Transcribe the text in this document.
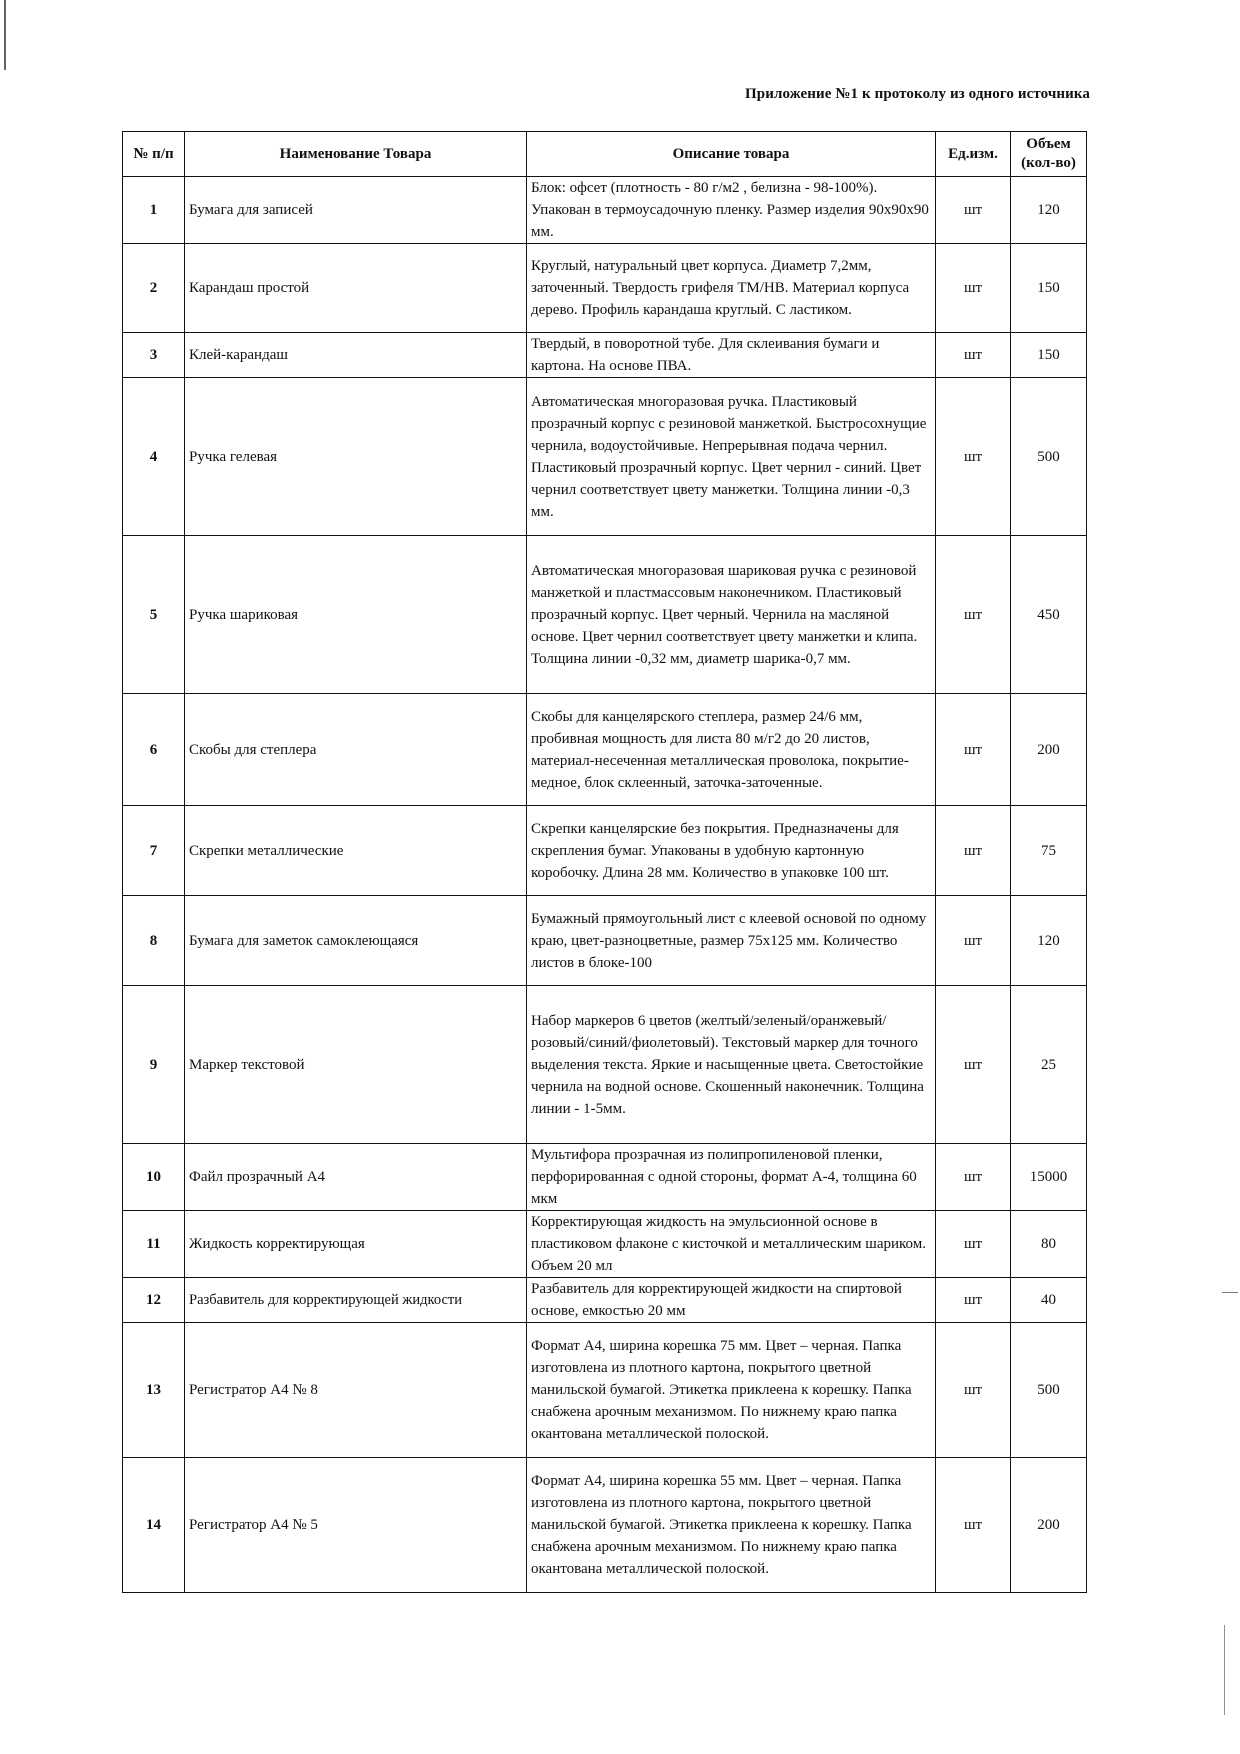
Приложение №1 к протоколу из одного источника
№ п/п	Наименование Товара	Описание товара	Ед.изм.	Объем (кол-во)
1	Бумага для записей	Блок: офсет (плотность - 80 г/м2 , белизна - 98-100%). Упакован в термоусадочную пленку. Размер изделия 90х90х90 мм.	шт	120
2	Карандаш простой	Круглый, натуральный цвет корпуса. Диаметр 7,2мм, заточенный. Твердость грифеля ТМ/НВ. Материал корпуса дерево. Профиль карандаша круглый. С ластиком.	шт	150
3	Клей-карандаш	Твердый, в поворотной тубе. Для склеивания бумаги и картона. На основе ПВА.	шт	150
4	Ручка гелевая	Автоматическая многоразовая ручка. Пластиковый прозрачный корпус с резиновой манжеткой. Быстросохнущие чернила, водоустойчивые. Непрерывная подача чернил. Пластиковый прозрачный корпус. Цвет чернил - синий. Цвет чернил соответствует цвету манжетки. Толщина линии -0,3 мм.	шт	500
5	Ручка шариковая	Автоматическая многоразовая шариковая ручка с резиновой манжеткой и пластмассовым наконечником. Пластиковый прозрачный корпус. Цвет черный. Чернила на масляной основе. Цвет чернил соответствует цвету манжетки и клипа. Толщина линии -0,32 мм, диаметр шарика-0,7 мм.	шт	450
6	Скобы для степлера	Скобы для канцелярского степлера, размер 24/6 мм, пробивная мощность для листа 80 м/г2 до 20 листов, материал-несеченная металлическая проволока, покрытие-медное, блок склеенный, заточка-заточенные.	шт	200
7	Скрепки металлические	Скрепки канцелярские без покрытия. Предназначены для скрепления бумаг. Упакованы в удобную картонную коробочку. Длина 28 мм. Количество в упаковке 100 шт.	шт	75
8	Бумага для заметок самоклеющаяся	Бумажный прямоугольный лист с клеевой основой по одному краю, цвет-разноцветные, размер 75х125 мм. Количество листов в блоке-100	шт	120
9	Маркер текстовой	Набор маркеров 6 цветов (желтый/зеленый/оранжевый/розовый/синий/фиолетовый). Текстовый маркер для точного выделения текста. Яркие и насыщенные цвета. Светостойкие чернила на водной основе. Скошенный наконечник. Толщина линии - 1-5мм.	шт	25
10	Файл прозрачный А4	Мультифора прозрачная из полипропиленовой пленки, перфорированная с одной стороны, формат А-4, толщина 60 мкм	шт	15000
11	Жидкость корректирующая	Корректирующая жидкость на эмульсионной основе в пластиковом флаконе с кисточкой и металлическим шариком. Объем 20 мл	шт	80
12	Разбавитель для корректирующей жидкости	Разбавитель для корректирующей жидкости на спиртовой основе, емкостью 20 мм	шт	40
13	Регистратор А4 № 8	Формат А4, ширина корешка 75 мм. Цвет – черная. Папка изготовлена из плотного картона, покрытого цветной манильской бумагой. Этикетка приклеена к корешку. Папка снабжена арочным механизмом. По нижнему краю папка окантована металлической полоской.	шт	500
14	Регистратор А4 № 5	Формат А4, ширина корешка 55 мм. Цвет – черная. Папка изготовлена из плотного картона, покрытого цветной манильской бумагой. Этикетка приклеена к корешку. Папка снабжена арочным механизмом. По нижнему краю папка окантована металлической полоской.	шт	200
